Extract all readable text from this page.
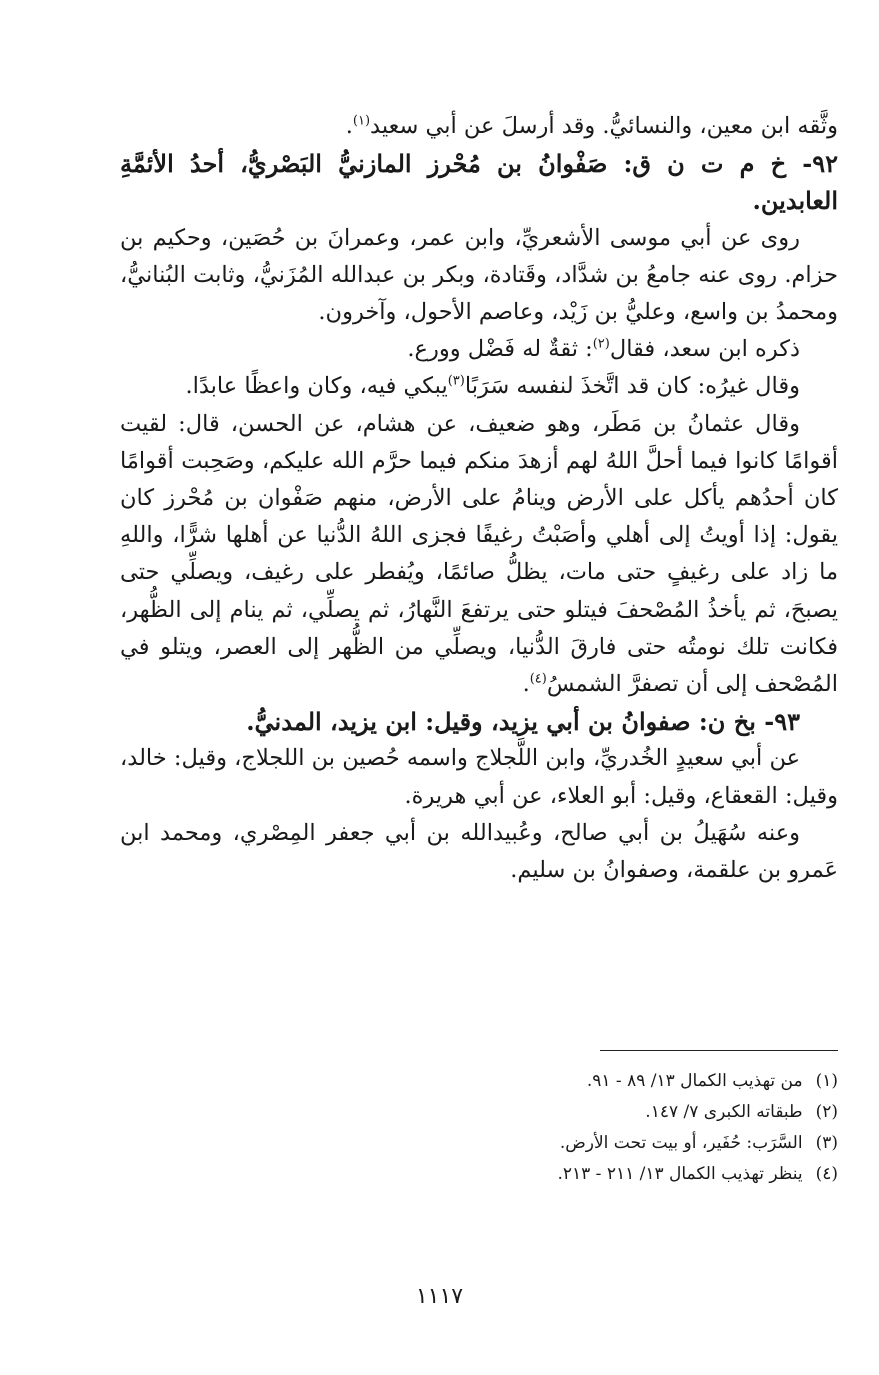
وثَّقه ابن معين، والنسائيُّ. وقد أرسلَ عن أبي سعيد$^{(١)}$.

٩٢- خ م ت ن ق: صَفْوانُ بن مُحْرز المازنيُّ البَصْريُّ، أحدُ الأئمَّةِ العابدين.

روى عن أبي موسى الأشعريِّ، وابن عمر، وعمرانَ بن حُصَين، وحكيم بن حزام. روى عنه جامعُ بن شدَّاد، وقَتادة، وبكر بن عبدالله المُزَنيُّ، وثابت البُنانيُّ، ومحمدُ بن واسع، وعليُّ بن زَيْد، وعاصم الأحول، وآخرون.

ذكره ابن سعد، فقال$^{(٢)}$: ثقةٌ له فَضْل وورع.

وقال غيرُه: كان قد اتَّخذَ لنفسه سَرَبًا$^{(٣)}$يبكي فيه، وكان واعظًا عابدًا.

وقال عثمانُ بن مَطَر، وهو ضعيف، عن هشام، عن الحسن، قال: لقيت أقوامًا كانوا فيما أحلَّ اللهُ لهم أزهدَ منكم فيما حرَّم الله عليكم، وصَحِبت أقوامًا كان أحدُهم يأكل على الأرض وينامُ على الأرض، منهم صَفْوان بن مُحْرز كان يقول: إذا أويتُ إلى أهلي وأصَبْتُ رغيفًا فجزى اللهُ الدُّنيا عن أهلها شرًّا، واللهِ ما زاد على رغيفٍ حتى مات، يظلُّ صائمًا، ويُفطر على رغيف، ويصلِّي حتى يصبحَ، ثم يأخذُ المُصْحفَ فيتلو حتى يرتفعَ النَّهارُ، ثم يصلِّي، ثم ينام إلى الظُّهر، فكانت تلك نومتُه حتى فارقَ الدُّنيا، ويصلِّي من الظُّهر إلى العصر، ويتلو في المُصْحف إلى أن تصفرَّ الشمسُ$^{(٤)}$.

٩٣- بخ ن: صفوانُ بن أبي يزيد، وقيل: ابن يزيد، المدنيُّ.

عن أبي سعيدٍ الخُدريِّ، وابن اللَّجلاج واسمه حُصين بن اللجلاج، وقيل: خالد، وقيل: القعقاع، وقيل: أبو العلاء، عن أبي هريرة.

وعنه سُهَيلُ بن أبي صالح، وعُبيدالله بن أبي جعفر المِصْري، ومحمد ابن عَمرو بن علقمة، وصفوانُ بن سليم.

(١) من تهذيب الكمال ١٣/ ٨٩ - ٩١.

(٢) طبقاته الكبرى ٧/ ١٤٧.

(٣) السَّرَب: حُفَير، أو بيت تحت الأرض.

(٤) ينظر تهذيب الكمال ١٣/ ٢١١ - ٢١٣.

١١١٧
